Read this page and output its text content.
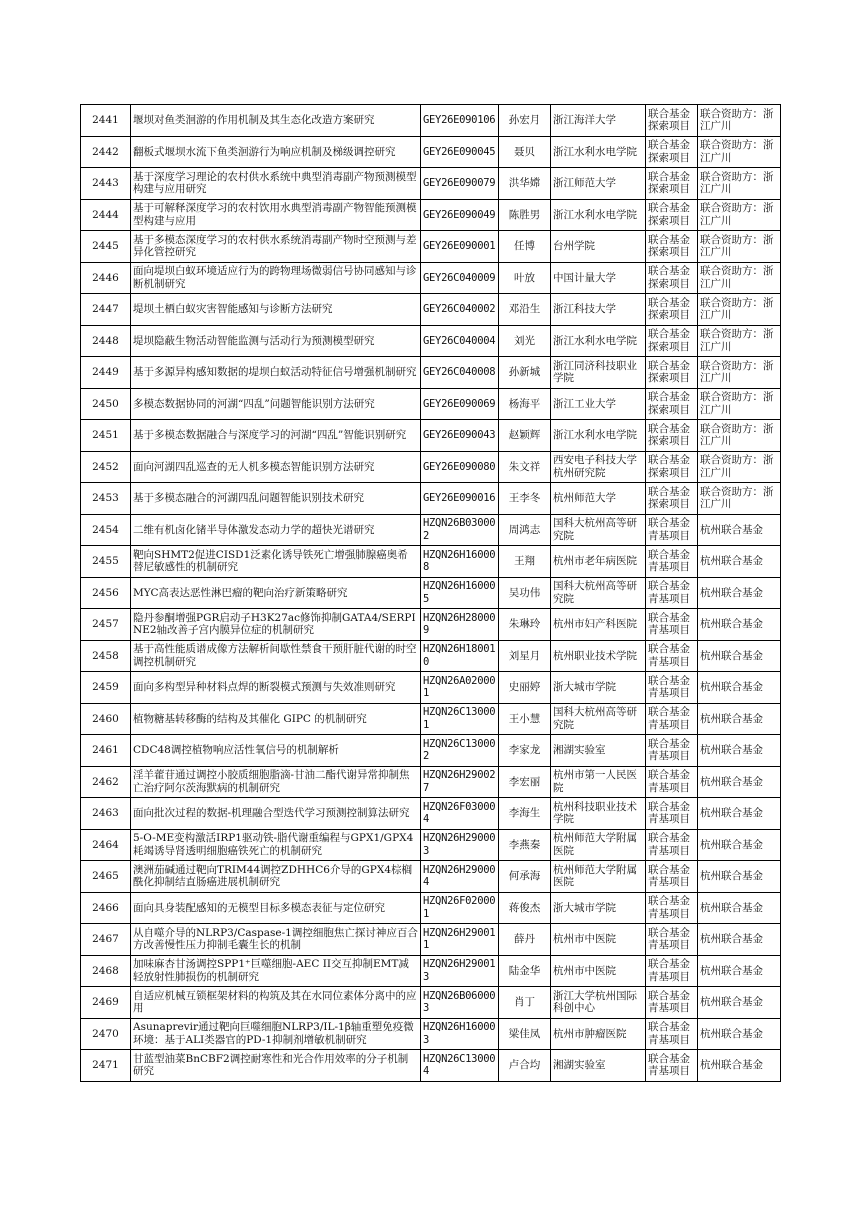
2441	堰坝对鱼类洄游的作用机制及其生态化改造方案研究	GEY26E090106	孙宏月	浙江海洋大学	联合基金探索项目	联合资助方：浙江广川
2442	翻板式堰坝水流下鱼类洄游行为响应机制及梯级调控研究	GEY26E090045	聂贝	浙江水利水电学院	联合基金探索项目	联合资助方：浙江广川
2443	基于深度学习理论的农村供水系统中典型消毒副产物预测模型构建与应用研究	GEY26E090079	洪华嫦	浙江师范大学	联合基金探索项目	联合资助方：浙江广川
2444	基于可解释深度学习的农村饮用水典型消毒副产物智能预测模型构建与应用	GEY26E090049	陈胜男	浙江水利水电学院	联合基金探索项目	联合资助方：浙江广川
2445	基于多模态深度学习的农村供水系统消毒副产物时空预测与差异化管控研究	GEY26E090001	任博	台州学院	联合基金探索项目	联合资助方：浙江广川
2446	面向堤坝白蚁环境适应行为的跨物理场微弱信号协同感知与诊断机制研究	GEY26C040009	叶放	中国计量大学	联合基金探索项目	联合资助方：浙江广川
2447	堤坝土栖白蚁灾害智能感知与诊断方法研究	GEY26C040002	邓沿生	浙江科技大学	联合基金探索项目	联合资助方：浙江广川
2448	堤坝隐蔽生物活动智能监测与活动行为预测模型研究	GEY26C040004	刘光	浙江水利水电学院	联合基金探索项目	联合资助方：浙江广川
2449	基于多源异构感知数据的堤坝白蚁活动特征信号增强机制研究	GEY26C040008	孙新城	浙江同济科技职业学院	联合基金探索项目	联合资助方：浙江广川
2450	多模态数据协同的河湖“四乱”问题智能识别方法研究	GEY26E090069	杨海平	浙江工业大学	联合基金探索项目	联合资助方：浙江广川
2451	基于多模态数据融合与深度学习的河湖“四乱”智能识别研究	GEY26E090043	赵颖辉	浙江水利水电学院	联合基金探索项目	联合资助方：浙江广川
2452	面向河湖四乱巡查的无人机多模态智能识别方法研究	GEY26E090080	朱文祥	西安电子科技大学杭州研究院	联合基金探索项目	联合资助方：浙江广川
2453	基于多模态融合的河湖四乱问题智能识别技术研究	GEY26E090016	王李冬	杭州师范大学	联合基金探索项目	联合资助方：浙江广川
2454	二维有机卤化锗半导体激发态动力学的超快光谱研究	HZQN26B030002	周鸿志	国科大杭州高等研究院	联合基金青基项目	杭州联合基金
2455	靶向SHMT2促进CISD1泛素化诱导铁死亡增强肺腺癌奥希替尼敏感性的机制研究	HZQN26H160008	王翔	杭州市老年病医院	联合基金青基项目	杭州联合基金
2456	MYC高表达恶性淋巴瘤的靶向治疗新策略研究	HZQN26H160005	吴功伟	国科大杭州高等研究院	联合基金青基项目	杭州联合基金
2457	隐丹参酮增强PGR启动子H3K27ac修饰抑制GATA4/SERPINE2轴改善子宫内膜异位症的机制研究	HZQN26H280009	朱琳玲	杭州市妇产科医院	联合基金青基项目	杭州联合基金
2458	基于高性能质谱成像方法解析间歇性禁食干预肝脏代谢的时空调控机制研究	HZQN26H180010	刘星月	杭州职业技术学院	联合基金青基项目	杭州联合基金
2459	面向多构型异种材料点焊的断裂模式预测与失效准则研究	HZQN26A020001	史丽婷	浙大城市学院	联合基金青基项目	杭州联合基金
2460	植物糖基转移酶的结构及其催化 GIPC 的机制研究	HZQN26C130001	王小慧	国科大杭州高等研究院	联合基金青基项目	杭州联合基金
2461	CDC48调控植物响应活性氧信号的机制解析	HZQN26C130002	李家龙	湘湖实验室	联合基金青基项目	杭州联合基金
2462	淫羊藿苷通过调控小胶质细胞脂滴-甘油二酯代谢异常抑制焦亡治疗阿尔茨海默病的机制研究	HZQN26H290027	李宏丽	杭州市第一人民医院	联合基金青基项目	杭州联合基金
2463	面向批次过程的数据-机理融合型迭代学习预测控制算法研究	HZQN26F030004	李海生	杭州科技职业技术学院	联合基金青基项目	杭州联合基金
2464	5-O-ME变构激活IRP1驱动铁-脂代谢重编程与GPX1/GPX4耗竭诱导肾透明细胞癌铁死亡的机制研究	HZQN26H290003	李燕秦	杭州师范大学附属医院	联合基金青基项目	杭州联合基金
2465	澳洲茄碱通过靶向TRIM44调控ZDHHC6介导的GPX4棕榈酰化抑制结直肠癌进展机制研究	HZQN26H290004	何承海	杭州师范大学附属医院	联合基金青基项目	杭州联合基金
2466	面向具身装配感知的无模型目标多模态表征与定位研究	HZQN26F020001	蒋俊杰	浙大城市学院	联合基金青基项目	杭州联合基金
2467	从自噬介导的NLRP3/Caspase-1调控细胞焦亡探讨神应百合方改善慢性压力抑制毛囊生长的机制	HZQN26H290011	薛丹	杭州市中医院	联合基金青基项目	杭州联合基金
2468	加味麻杏甘汤调控SPP1⁺巨噬细胞-AEC II交互抑制EMT减轻放射性肺损伤的机制研究	HZQN26H290013	陆金华	杭州市中医院	联合基金青基项目	杭州联合基金
2469	自适应机械互锁框架材料的构筑及其在水同位素体分离中的应用	HZQN26B060003	肖丁	浙江大学杭州国际科创中心	联合基金青基项目	杭州联合基金
2470	Asunaprevir通过靶向巨噬细胞NLRP3/IL-1β轴重塑免疫微环境：基于ALI类器官的PD-1抑制剂增敏机制研究	HZQN26H160003	梁佳凤	杭州市肿瘤医院	联合基金青基项目	杭州联合基金
2471	甘蓝型油菜BnCBF2调控耐寒性和光合作用效率的分子机制研究	HZQN26C130004	卢合均	湘湖实验室	联合基金青基项目	杭州联合基金
